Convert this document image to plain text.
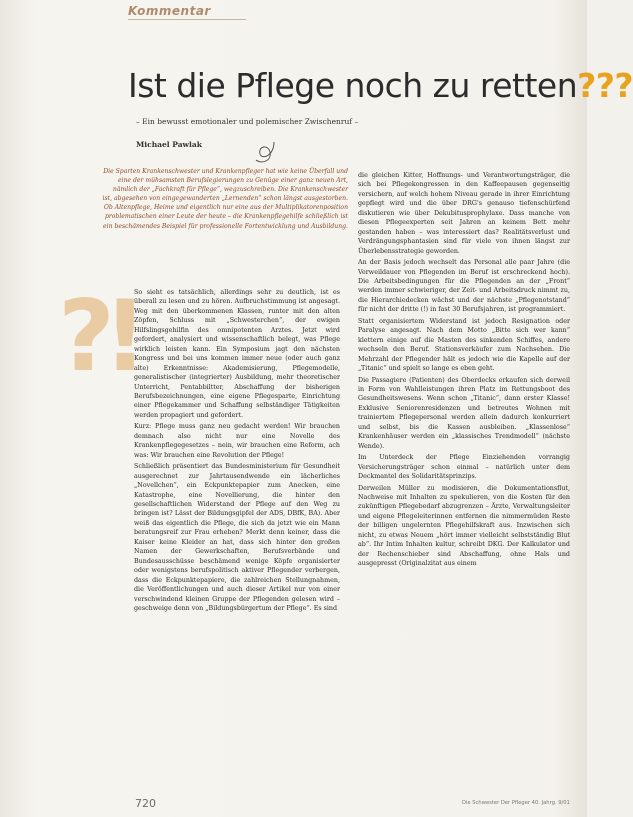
Kommentar
Ist die Pflege noch zu retten???
– Ein bewusst emotionaler und polemischer Zwischenruf –
Michael Pawlak
Die Sparten Krankenschwester und Krankenpfleger hat wie keine Überfall und eine der mühsamsten Berufslegierungen zu Genüge einer ganz neuen Art, nämlich der „Fachkraft für Pflege“, wegzuschreiben. Die Krankenschwester ist, abgesehen von eingegewanderten „Lernenden“ schon längst ausgestorben. Ob Altenpflege, Heime und eigentlich nur eine aus der Multiplikatorenposition problematischen einer Leute der heute – die Krankenpflegehilfe schließlich ist ein beschämendes Beispiel für professionelle Fortentwicklung und Ausbildung.
?!

So sieht es tatsächlich, allerdings sehr zu deutlich, ist es überall zu lesen und zu hören. Aufbruchstimmung ist angesagt. Weg mit den überkommenen Klassen, runter mit den alten Zöpfen, Schluss mit „Schwesterchen“, der ewigen Hilfslingsgehilfin des omnipotenten Arztes. Jetzt wird gefordert, analysiert und wissenschaftlich belegt, was Pflege wirklich leisten kann. Ein Symposium jagt den nächsten Kongress und bei uns kommen immer neue (oder auch ganz alte) Erkenntnisse: Akademisierung, Pflegemodelle, generalistischer (integrierter) Ausbildung, mehr theoretischer Unterricht, Pentabbiltter, Abschaffung der bisherigen Berufsbezeichnungen, eine eigene Pflegesparte, Einrichtung einer Pflegekammer und Schaffung selbständiger Tätigkeiten werden propagiert und gefordert.

Kurz: Pflege muss ganz neu gedacht werden! Wir brauchen demnach also nicht nur eine Novelle des Krankenpflegegesetzes – nein, wir brauchen eine Reform, ach was: Wir brauchen eine Revolution der Pflege!

Schließlich präsentiert das Bundesministerium für Gesundheit ausgerechnet zur Jahrtausendwende ein lächerliches „Novellchen“, ein Eckpunktepapier zum Anecken, eine Katastrophe, eine Novellierung, die hinter den gesellschaftlichen Widerstand der Pflege auf den Weg zu bringen ist? Lässt der Bildungsgipfel der ADS, DBfK, BA). Aber weiß das eigentlich die Pflege, die sich da jetzt wie ein Mann beratungsreif zur Frau erheben? Merkt denn keiner, dass die Kaiser keine Kleider an hat, dass sich hinter den großen Namen der Gewerkschaften, Berufsverbände und Bundesausschüsse beschämend wenige Köpfe organisierter oder wenigstens berufspolitisch aktiver Pflegender verbergen, dass die Eckpunktepapiere, die zahlreichen Stellungnahmen, die Veröffentlichungen und auch dieser Artikel nur von einer verschwindend kleinen Gruppe der Pflegenden gelesen wird – geschweige denn von „Bildungsbürgertum der Pflege“. Es sind

die gleichen Kitter, Hoffnungs- und Verantwortungsträger, die sich bei Pflegekongressen in den Kaffeepausen gegenseitig versichern, auf welch hohem Niveau gerade in ihrer Einrichtung gepflegt wird und die über DRG's genauso tiefenschürfend diskutieren wie über Dekubitusprophylaxe. Dass manche von diesen Pflegeexperten seit Jahren an keinem Bett mehr gestanden haben – was interessiert das? Realitätsverlust und Verdrängungsphantasien sind für viele von ihnen längst zur Überlebensstrategie geworden.

An der Basis jedoch wechselt das Personal alle paar Jahre (die Verweildauer von Pflegenden im Beruf ist erschreckend hoch). Die Arbeitsbedingungen für die Pflegenden an der „Front“ werden immer schwieriger, der Zeit- und Arbeitsdruck nimmt zu, die Hierarchiedecken wächst und der nächste „Pflegenotstand“ für nicht der dritte (!) in fast 30 Berufsjahren, ist programmiert.

Statt organisiertem Widerstand ist jedoch Resignation oder Paralyse angesagt. Nach dem Motto „Bitte sich wer kann“ klettern einige auf die Masten des sinkenden Schiffes, andere wechseln den Beruf. Stationsverkäufer zum Nachsehen. Die Mehrzahl der Pflegender hält es jedoch wie die Kapelle auf der „Titanic“ und spielt so lange es eben geht.

Die Passagiere (Patienten) des Oberdecks erkaufen sich derweil in Form von Wahlleistungen ihren Platz im Rettungsboot des Gesundheitswesens. Wenn schon „Titanic“, dann erster Klasse! Exklusive Seniorenresidenzen und betreutes Wohnen mit trainiertem Pflegepersonal werden allein dadurch konkurriert und selbst, bis die Kassen ausbleiben. „Klassenlose“ Krankenhäuser werden ein „klassisches Trendmodell“ (nächste Wende).

Im Unterdeck der Pflege Einziehenden vorrangig Versicherungsträger schon einmal – natürlich unter dem Deckmantel des Solidaritätsprinzips.

Derweilen Müller zu modisieren, die Dokumentationsflut, Nachweise mit Inhalten zu spekulieren, von die Kosten für den zukünftigen Pflegebedarf abzugrenzen – Ärzte, Verwaltungsleiter und eigene Pflegeleiterinnen entfernen die nimmermüden Reste der billigen ungelernten Pflegehilfskraft aus. Inzwischen sich nicht, zu etwas Neuem „hört immer vielleicht selbstständig Blut ab“. Ihr Intim Inhalten kultur, schreibt DKG. Der Kalkulator und der Rechenschieber sind Abschaffung, ohne Hals und ausgepresst (Originalzitat aus einem

720	Die Schwester Der Pfleger 40. Jahrg. 9/01
